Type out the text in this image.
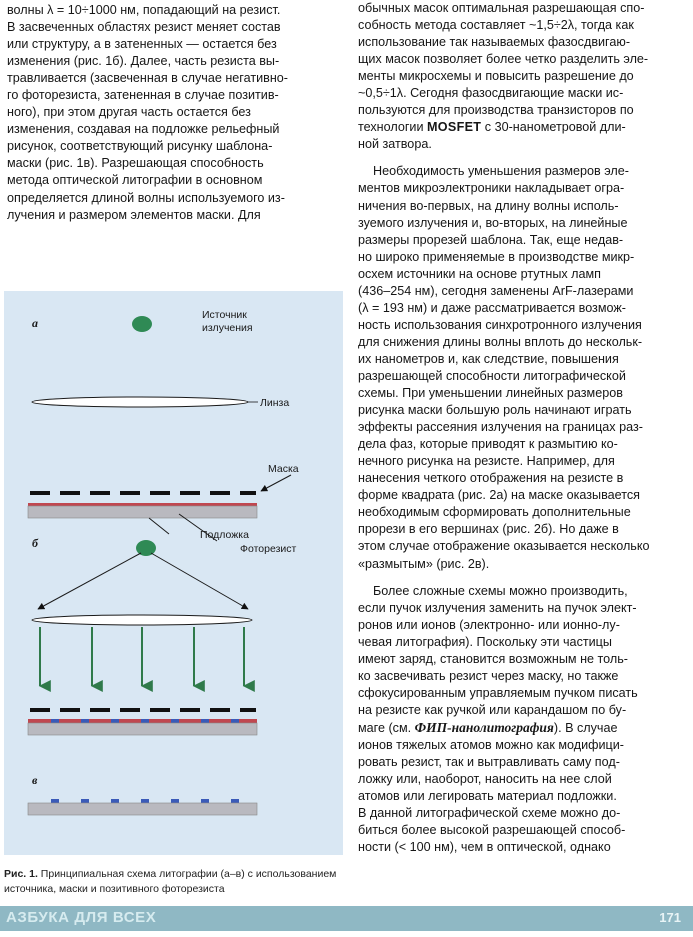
волны λ = 10÷1000 нм, попадающий на резист.

В засвеченных областях резист меняет состав

или структуру, а в затененных — остается без

изменения (рис. 1б). Далее, часть резиста вы-

травливается (засвеченная в случае негативно-

го фоторезиста, затененная в случае позитив-

ного), при этом другая часть остается без

изменения, создавая на подложке рельефный

рисунок, соответствующий рисунку шаблона-

маски (рис. 1в). Разрешающая способность

метода оптической литографии в основном

определяется длиной волны используемого из-

лучения и размером элементов маски. Для

а
Источник
излучения
Линза
Маска
Фоторезист
Подложка
б
в
Рис. 1. Принципиальная схема литографии (а–в) с использованием источника, маски и позитивного фоторезиста

обычных масок оптимальная разрешающая спо-

собность метода составляет ~1,5÷2λ, тогда как

использование так называемых фазосдвигаю-

щих масок позволяет более четко разделить эле-

менты микросхемы и повысить разрешение до

~0,5÷1λ. Сегодня фазосдвигающие маски ис-

пользуются для производства транзисторов по

технологии MOSFET с 30-нанометровой дли-

ной затвора.

Необходимость уменьшения размеров эле-

ментов микроэлектроники накладывает огра-

ничения во-первых, на длину волны исполь-

зуемого излучения и, во-вторых, на линейные

размеры прорезей шаблона. Так, еще недав-

но широко применяемые в производстве микр-

осхем источники на основе ртутных ламп

(436–254 нм), сегодня заменены ArF-лазерами

(λ = 193 нм) и даже рассматривается возмож-

ность использования синхротронного излучения

для снижения длины волны вплоть до нескольк-

их нанометров и, как следствие, повышения

разрешающей способности литографической

схемы. При уменьшении линейных размеров

рисунка маски большую роль начинают играть

эффекты рассеяния излучения на границах раз-

дела фаз, которые приводят к размытию ко-

нечного рисунка на резисте. Например, для

нанесения четкого отображения на резисте в

форме квадрата (рис. 2а) на маске оказывается

необходимым сформировать дополнительные

прорези в его вершинах (рис. 2б). Но даже в

этом случае отображение оказывается несколько

«размытым» (рис. 2в).

Более сложные схемы можно производить,

если пучок излучения заменить на пучок элект-

ронов или ионов (электронно- или ионно-лу-

чевая литография). Поскольку эти частицы

имеют заряд, становится возможным не толь-

ко засвечивать резист через маску, но также

сфокусированным управляемым пучком писать

на резисте как ручкой или карандашом по бу-

маге (см. ФИП-нанолитография). В случае

ионов тяжелых атомов можно как модифици-

ровать резист, так и вытравливать саму под-

ложку или, наоборот, наносить на нее слой

атомов или легировать материал подложки.

В данной литографической схеме можно до-

биться более высокой разрешающей способ-

ности (< 100 нм), чем в оптической, однако

АЗБУКА ДЛЯ ВСЕХ	171
